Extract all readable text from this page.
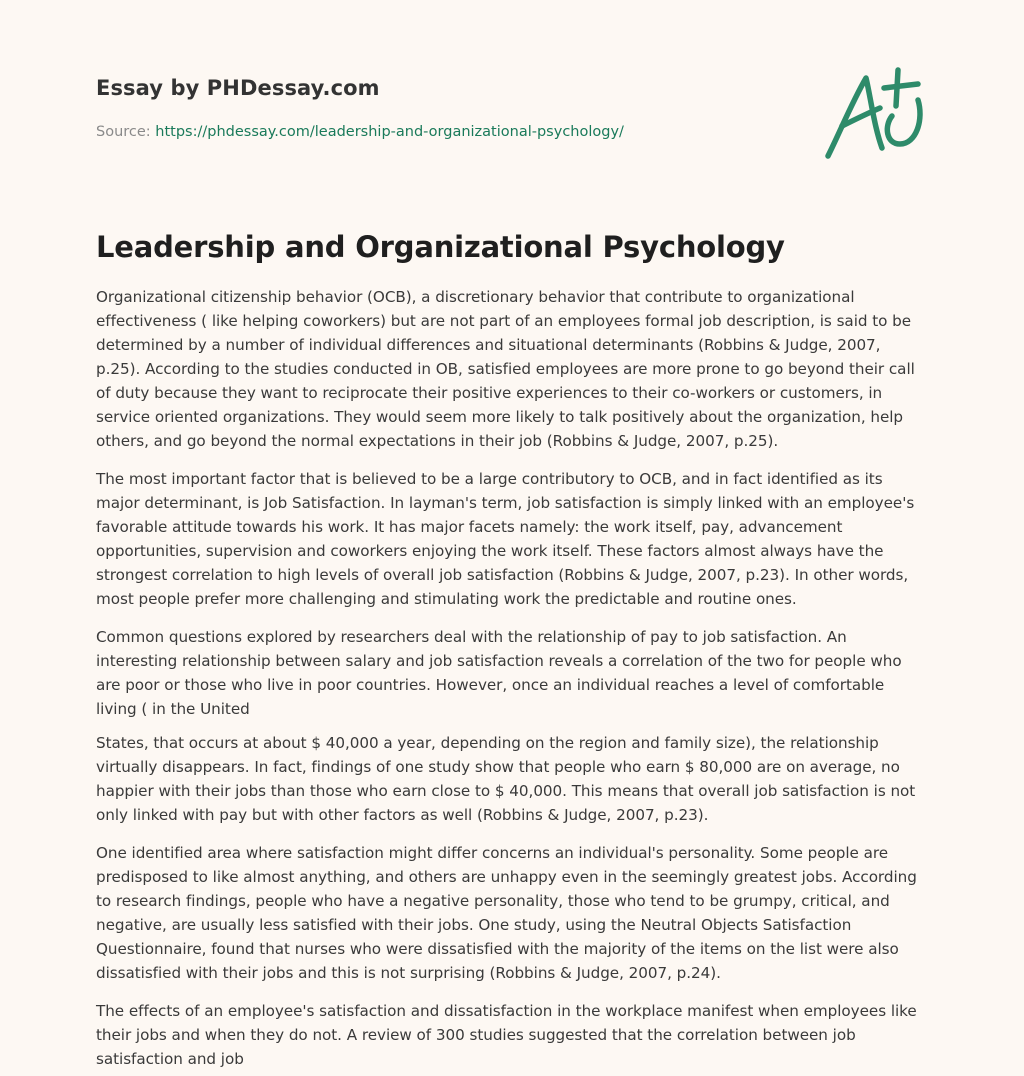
Essay by PHDessay.com
Source: https://phdessay.com/leadership-and-organizational-psychology/
Leadership and Organizational Psychology

Organizational citizenship behavior (OCB), a discretionary behavior that contribute to organizational effectiveness ( like helping coworkers) but are not part of an employees formal job description, is said to be determined by a number of individual differences and situational determinants (Robbins & Judge, 2007, p.25). According to the studies conducted in OB, satisfied employees are more prone to go beyond their call of duty because they want to reciprocate their positive experiences to their co-workers or customers, in service oriented organizations. They would seem more likely to talk positively about the organization, help others, and go beyond the normal expectations in their job (Robbins & Judge, 2007, p.25).

The most important factor that is believed to be a large contributory to OCB, and in fact identified as its major determinant, is Job Satisfaction. In layman's term, job satisfaction is simply linked with an employee's favorable attitude towards his work. It has major facets namely: the work itself, pay, advancement opportunities, supervision and coworkers enjoying the work itself. These factors almost always have the strongest correlation to high levels of overall job satisfaction (Robbins & Judge, 2007, p.23). In other words, most people prefer more challenging and stimulating work the predictable and routine ones.

Common questions explored by researchers deal with the relationship of pay to job satisfaction. An interesting relationship between salary and job satisfaction reveals a correlation of the two for people who are poor or those who live in poor countries. However, once an individual reaches a level of comfortable living ( in the United

States, that occurs at about $ 40,000 a year, depending on the region and family size), the relationship virtually disappears. In fact, findings of one study show that people who earn $ 80,000 are on average, no happier with their jobs than those who earn close to $ 40,000. This means that overall job satisfaction is not only linked with pay but with other factors as well (Robbins & Judge, 2007, p.23).

One identified area where satisfaction might differ concerns an individual's personality. Some people are predisposed to like almost anything, and others are unhappy even in the seemingly greatest jobs. According to research findings, people who have a negative personality, those who tend to be grumpy, critical, and negative, are usually less satisfied with their jobs. One study, using the Neutral Objects Satisfaction Questionnaire, found that nurses who were dissatisfied with the majority of the items on the list were also dissatisfied with their jobs and this is not surprising (Robbins & Judge, 2007, p.24).

The effects of an employee's satisfaction and dissatisfaction in the workplace manifest when employees like their jobs and when they do not. A review of 300 studies suggested that the correlation between job satisfaction and job
